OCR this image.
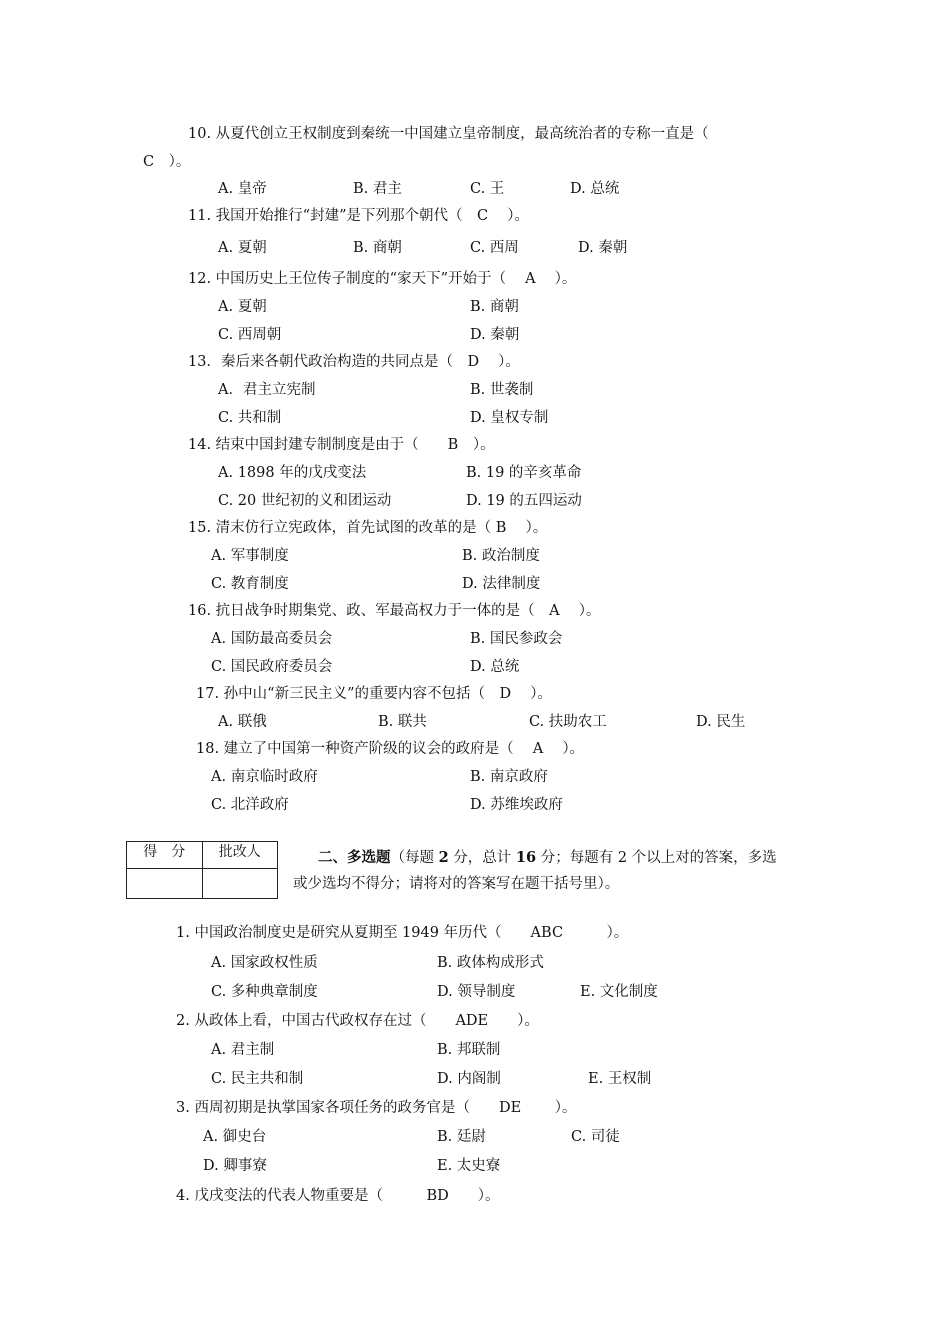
10. 从夏代创立王权制度到秦统一中国建立皇帝制度，最高统治者的专称一直是（
C　）。
A. 皇帝	B. 君主	C. 王	D. 总统
11. 我国开始推行“封建”是下列那个朝代（　C　 ）。
A. 夏朝	B. 商朝	C. 西周	D. 秦朝
12. 中国历史上王位传子制度的“家天下”开始于（　 A　 ）。
A. 夏朝	B. 商朝
C. 西周朝	D. 秦朝
13．秦后来各朝代政治构造的共同点是（　D　 ）。
A．君主立宪制	B. 世袭制
C. 共和制	D. 皇权专制
14. 结束中国封建专制制度是由于（　　B　）。
A. 1898 年的戊戌变法	B. 19 的辛亥革命
C. 20 世纪初的义和团运动	D. 19 的五四运动
15. 清末仿行立宪政体，首先试图的改革的是（ B　 ）。
A. 军事制度	B. 政治制度
C. 教育制度	D. 法律制度
16. 抗日战争时期集党、政、军最高权力于一体的是（　A　 ）。
A. 国防最高委员会	B. 国民参政会
C. 国民政府委员会	D. 总统
17. 孙中山“新三民主义”的重要内容不包括（　D　 ）。
A. 联俄	B. 联共	C. 扶助农工	D. 民生
18. 建立了中国第一种资产阶级的议会的政府是（　 A　 ）。
A. 南京临时政府	B. 南京政府
C. 北洋政府	D. 苏维埃政府
得　分	批改人
		二、多选题（每题 2 分，总计 16 分；每题有 2 个以上对的答案，多选
或少选均不得分；请将对的答案写在题干括号里）。
1. 中国政治制度史是研究从夏期至 1949 年历代（　　ABC　　　）。
A. 国家政权性质	B. 政体构成形式
C. 多种典章制度	D. 领导制度	E. 文化制度
2. 从政体上看，中国古代政权存在过（　　ADE　　）。
A. 君主制	B. 邦联制
C. 民主共和制	D. 内阁制	E. 王权制
3. 西周初期是执掌国家各项任务的政务官是（　　DE　　 ）。
A. 御史台	B. 廷尉	C. 司徒
D. 卿事寮	E. 太史寮
4. 戊戌变法的代表人物重要是（　　　BD　　）。
